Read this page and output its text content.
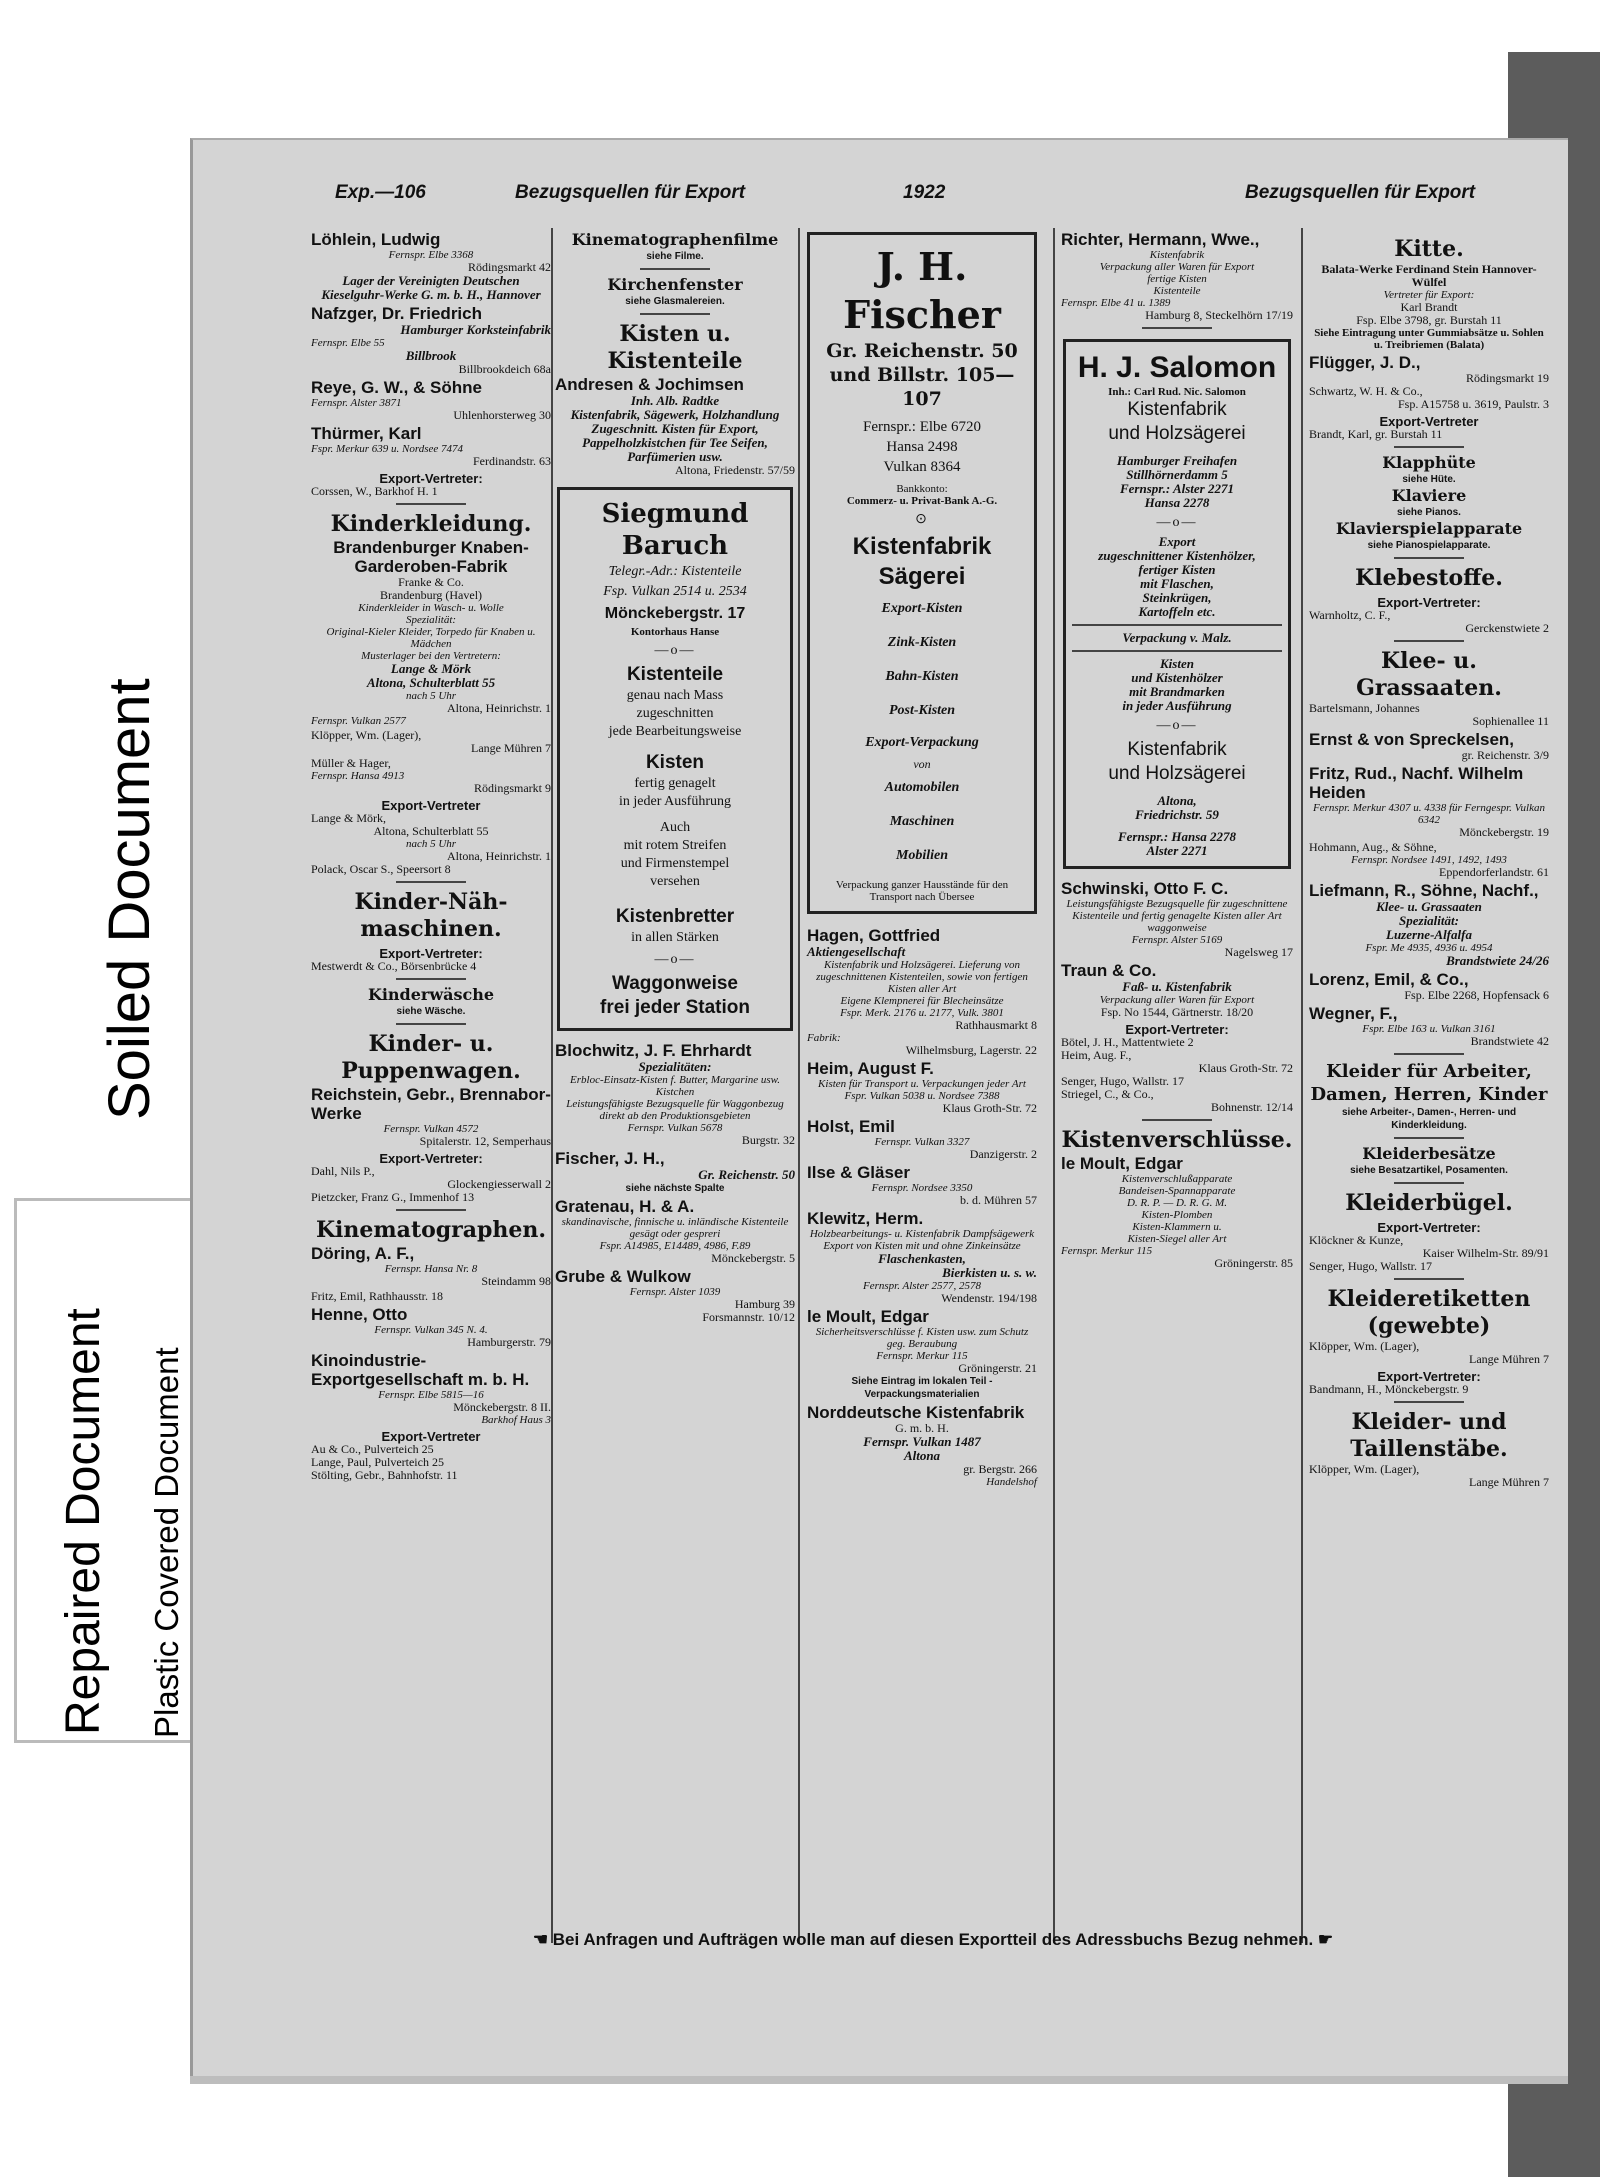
Soiled Document
Repaired Document Plastic Covered Document
Exp.—106	Bezugsquellen für Export	1922	Bezugsquellen für Export
Löhlein, Ludwig
Fernspr. Elbe 3368
Rödingsmarkt 42
Lager der Vereinigten Deutschen Kieselguhr-Werke G. m. b. H., Hannover
Nafzger, Dr. Friedrich
Hamburger Korksteinfabrik
Fernspr. Elbe 55
Billbrook
Billbrookdeich 68a
Reye, G. W., & Söhne
Fernspr. Alster 3871
Uhlenhorsterweg 30
Thürmer, Karl
Fspr. Merkur 639 u. Nordsee 7474
Ferdinandstr. 63
Export-Vertreter:
Corssen, W., Barkhof H. 1
Kinderkleidung.
Brandenburger Knaben-Garderoben-Fabrik
Franke & Co.
Brandenburg (Havel)
Kinderkleider in Wasch- u. Wolle
Spezialität:
Original-Kieler Kleider, Torpedo für Knaben u. Mädchen
Musterlager bei den Vertretern:
Lange & Mörk
Altona, Schulterblatt 55
nach 5 Uhr
Altona, Heinrichstr. 1
Fernspr. Vulkan 2577
Klöpper, Wm. (Lager),
Lange Mühren 7
Müller & Hager,
Fernspr. Hansa 4913
Rödingsmarkt 9
Export-Vertreter
Lange & Mörk,
Altona, Schulterblatt 55
nach 5 Uhr
Altona, Heinrichstr. 1
Polack, Oscar S., Speersort 8
Kinder-Näh-maschinen.
Export-Vertreter:
Mestwerdt & Co., Börsenbrücke 4
Kinderwäsche
siehe Wäsche.
Kinder- u. Puppenwagen.
Reichstein, Gebr., Brennabor-Werke
Fernspr. Vulkan 4572
Spitalerstr. 12, Semperhaus
Export-Vertreter:
Dahl, Nils P.,
Glockengiesserwall 2
Pietzcker, Franz G., Immenhof 13
Kinematographen.
Döring, A. F.,
Fernspr. Hansa Nr. 8
Steindamm 98
Fritz, Emil, Rathhausstr. 18
Henne, Otto
Fernspr. Vulkan 345 N. 4.
Hamburgerstr. 79
Kinoindustrie-Exportgesellschaft m. b. H.
Fernspr. Elbe 5815—16
Mönckebergstr. 8 II.
Barkhof Haus 3
Export-Vertreter
Au & Co., Pulverteich 25
Lange, Paul, Pulverteich 25
Stölting, Gebr., Bahnhofstr. 11
Kinematographenfilme
siehe Filme.
Kirchenfenster
siehe Glasmalereien.
Kisten u. Kistenteile
Andresen & Jochimsen
Inh. Alb. Radtke
Kistenfabrik, Sägewerk, Holzhandlung
Zugeschnitt. Kisten für Export, Pappelholzkistchen für Tee Seifen, Parfümerien usw.
Altona, Friedenstr. 57/59
Siegmund Baruch
Telegr.-Adr.: Kistenteile
Fsp. Vulkan 2514 u. 2534
Mönckebergstr. 17
Kontorhaus Hanse
—o—
Kistenteile
genau nach Mass
zugeschnitten
jede Bearbeitungsweise
Kisten
fertig genagelt
in jeder Ausführung
Auch
mit rotem Streifen
und Firmenstempel
versehen
Kistenbretter
in allen Stärken
—o—
Waggonweise
frei jeder Station
Blochwitz, J. F. Ehrhardt
Spezialitäten:
Erbloc-Einsatz-Kisten f. Butter, Margarine usw.
Kistchen
Leistungsfähigste Bezugsquelle für Waggonbezug direkt ab den Produktionsgebieten
Fernspr. Vulkan 5678
Burgstr. 32
Fischer, J. H.,
Gr. Reichenstr. 50
siehe nächste Spalte
Gratenau, H. & A.
skandinavische, finnische u. inländische Kistenteile
gesägt oder gespreri
Fspr. A14985, E14489, 4986, F.89
Mönckebergstr. 5
Grube & Wulkow
Fernspr. Alster 1039
Hamburg 39
Forsmannstr. 10/12
J. H. Fischer
Gr. Reichenstr. 50
und Billstr. 105—107
Fernspr.: Elbe 6720
Hansa 2498
Vulkan 8364
Bankkonto:
Commerz- u. Privat-Bank A.-G.
⊙
Kistenfabrik
Sägerei
Export-Kisten
Zink-Kisten
Bahn-Kisten
Post-Kisten
Export-Verpackung
von
Automobilen
Maschinen
Mobilien
Verpackung ganzer Hausstände für den Transport nach Übersee
Hagen, Gottfried
Aktiengesellschaft
Kistenfabrik und Holzsägerei. Lieferung von zugeschnittenen Kistenteilen, sowie von fertigen Kisten aller Art
Eigene Klempnerei für Blecheinsätze
Fspr. Merk. 2176 u. 2177, Vulk. 3801
Rathhausmarkt 8
Fabrik:
Wilhelmsburg, Lagerstr. 22
Heim, August F.
Kisten für Transport u. Verpackungen jeder Art
Fspr. Vulkan 5038 u. Nordsee 7388
Klaus Groth-Str. 72
Holst, Emil
Fernspr. Vulkan 3327
Danzigerstr. 2
Ilse & Gläser
Fernspr. Nordsee 3350
b. d. Mühren 57
Klewitz, Herm.
Holzbearbeitungs- u. Kistenfabrik Dampfsägewerk
Export von Kisten mit und ohne Zinkeinsätze
Flaschenkasten,
Bierkisten u. s. w.
Fernspr. Alster 2577, 2578
Wendenstr. 194/198
le Moult, Edgar
Sicherheitsverschlüsse f. Kisten usw. zum Schutz geg. Beraubung
Fernspr. Merkur 115
Gröningerstr. 21
Siehe Eintrag im lokalen Teil - Verpackungsmaterialien
Norddeutsche Kistenfabrik
G. m. b. H.
Fernspr. Vulkan 1487
Altona
gr. Bergstr. 266
Handelshof
Richter, Hermann, Wwe.,
Kistenfabrik
Verpackung aller Waren für Export
fertige Kisten
Kistenteile
Fernspr. Elbe 41 u. 1389
Hamburg 8, Steckelhörn 17/19
H. J. Salomon
Inh.: Carl Rud. Nic. Salomon
Kistenfabrik
und Holzsägerei
Hamburger Freihafen
Stillhörnerdamm 5
Fernspr.: Alster 2271
Hansa 2278
—o—
Export
zugeschnittener Kistenhölzer,
fertiger Kisten
mit Flaschen,
Steinkrügen,
Kartoffeln etc.
Verpackung v. Malz.
Kisten
und Kistenhölzer
mit Brandmarken
in jeder Ausführung
—o—
Kistenfabrik
und Holzsägerei
Altona,
Friedrichstr. 59
Fernspr.: Hansa 2278
Alster 2271
Schwinski, Otto F. C.
Leistungsfähigste Bezugsquelle für zugeschnittene Kistenteile und fertig genagelte Kisten aller Art
waggonweise
Fernspr. Alster 5169
Nagelsweg 17
Traun & Co.
Faß- u. Kistenfabrik
Verpackung aller Waren für Export
Fsp. No 1544, Gärtnerstr. 18/20
Export-Vertreter:
Bötel, J. H., Mattentwiete 2
Heim, Aug. F.,
Klaus Groth-Str. 72
Senger, Hugo, Wallstr. 17
Striegel, C., & Co.,
Bohnenstr. 12/14
Kistenverschlüsse.
le Moult, Edgar
Kistenverschlußapparate
Bandeisen-Spannapparate
D. R. P. — D. R. G. M.
Kisten-Plomben
Kisten-Klammern u.
Kisten-Siegel aller Art
Fernspr. Merkur 115
Gröningerstr. 85
Kitte.
Balata-Werke Ferdinand Stein Hannover-Wülfel
Vertreter für Export:
Karl Brandt
Fsp. Elbe 3798, gr. Burstah 11
Siehe Eintragung unter Gummiabsätze u. Sohlen u. Treibriemen (Balata)
Flügger, J. D.,
Rödingsmarkt 19
Schwartz, W. H. & Co.,
Fsp. A15758 u. 3619, Paulstr. 3
Export-Vertreter
Brandt, Karl, gr. Burstah 11
Klapphüte
siehe Hüte.
Klaviere
siehe Pianos.
Klavierspielapparate
siehe Pianospielapparate.
Klebestoffe.
Export-Vertreter:
Warnholtz, C. F.,
Gerckenstwiete 2
Klee- u. Grassaaten.
Bartelsmann, Johannes
Sophienallee 11
Ernst & von Spreckelsen,
gr. Reichenstr. 3/9
Fritz, Rud., Nachf. Wilhelm Heiden
Fernspr. Merkur 4307 u. 4338 für Ferngespr. Vulkan 6342
Mönckebergstr. 19
Hohmann, Aug., & Söhne,
Fernspr. Nordsee 1491, 1492, 1493
Eppendorferlandstr. 61
Liefmann, R., Söhne, Nachf.,
Klee- u. Grassaaten
Spezialität:
Luzerne-Alfalfa
Fspr. Me 4935, 4936 u. 4954
Brandstwiete 24/26
Lorenz, Emil, & Co.,
Fsp. Elbe 2268, Hopfensack 6
Wegner, F.,
Fspr. Elbe 163 u. Vulkan 3161
Brandstwiete 42
Kleider für Arbeiter, Damen, Herren, Kinder
siehe Arbeiter-, Damen-, Herren- und Kinderkleidung.
Kleiderbesätze
siehe Besatzartikel, Posamenten.
Kleiderbügel.
Export-Vertreter:
Klöckner & Kunze,
Kaiser Wilhelm-Str. 89/91
Senger, Hugo, Wallstr. 17
Kleideretiketten (gewebte)
Klöpper, Wm. (Lager),
Lange Mühren 7
Export-Vertreter:
Bandmann, H., Mönckebergstr. 9
Kleider- und Taillenstäbe.
Klöpper, Wm. (Lager),
Lange Mühren 7
☚ Bei Anfragen und Aufträgen wolle man auf diesen Exportteil des Adressbuchs Bezug nehmen. ☛
